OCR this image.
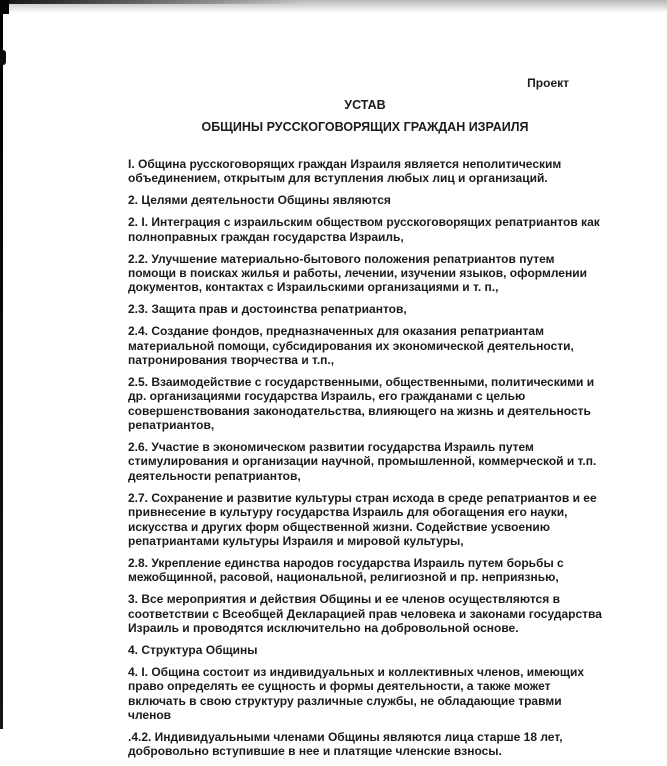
Проект
УСТАВ
ОБЩИНЫ РУССКОГОВОРЯЩИХ ГРАЖДАН ИЗРАИЛЯ

I. Община русскоговорящих граждан Израиля является неполитическим объединением, открытым для вступления любых лиц и организаций.

2. Целями деятельности Общины являются

2. I. Интеграция с израильским обществом русскоговорящих репатриантов как полноправных граждан государства Израиль,

2.2. Улучшение материально-бытового положения репатриантов путем помощи в поисках жилья и работы, лечении, изучении языков, оформлении документов, контактах с Израильскими организациями и т. п.,

2.3. Защита прав и достоинства репатриантов,

2.4. Создание фондов, предназначенных для оказания репатриантам материальной помощи, субсидирования их экономической деятельности, патронирования творчества и т.п.,

2.5. Взаимодействие с государственными, общественными, политическими и др. организациями государства Израиль, его гражданами с целью совершенствования законодательства, влияющего на жизнь и деятельность репатриантов,

2.6. Участие в экономическом развитии государства Израиль путем стимулирования и организации научной, промышленной, коммерческой и т.п. деятельности репатриантов,

2.7. Сохранение и развитие культуры стран исхода в среде репатриантов и ее привнесение в культуру государства Израиль для обогащения его науки, искусства и других форм общественной жизни. Содействие усвоению репатриантами культуры Израиля и мировой культуры,

2.8. Укрепление единства народов государства Израиль путем борьбы с межобщинной, расовой, национальной, религиозной и пр. неприязнью,

3. Все мероприятия и действия Общины и ее членов осуществляются в соответствии с Всеобщей Декларацией прав человека и законами государства Израиль и проводятся исключительно на добровольной основе.

4. Структура Общины

4. I. Община состоит из индивидуальных и коллективных членов, имеющих право определять ее сущность и формы деятельности, а также может включать в свою структуру различные службы, не обладающие травми членов

.4.2. Индивидуальными членами Общины являются лица старше 18 лет, добровольно вступившие в нее и платящие членские взносы.
